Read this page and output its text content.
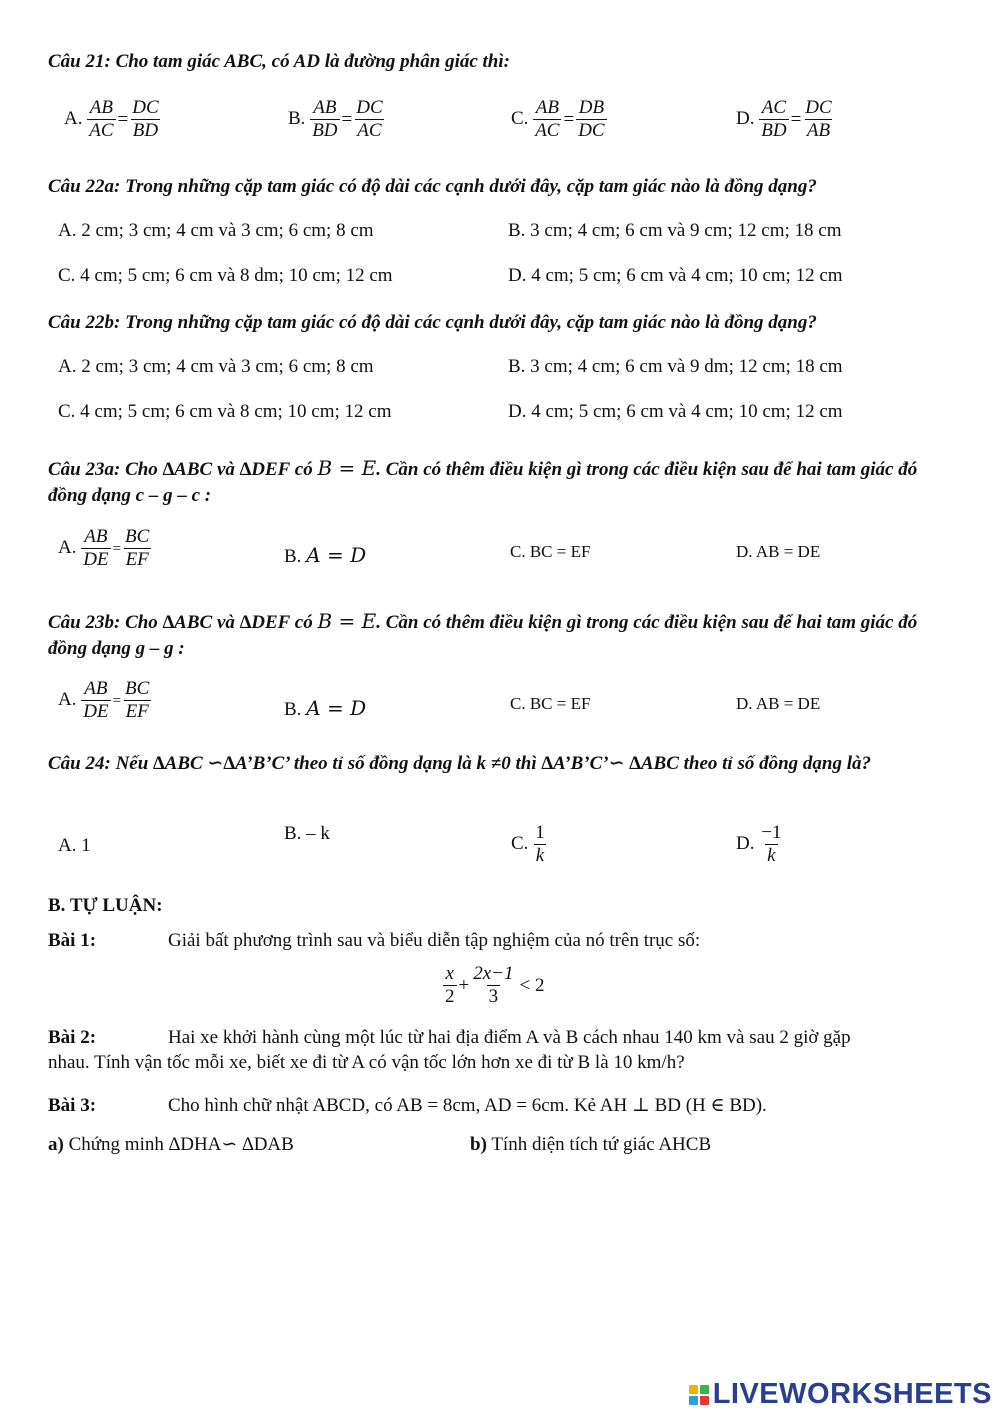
Câu 21: Cho tam giác ABC, có AD là đường phân giác thì:
A. $\frac{AB}{AC} = \frac{DC}{BD}$	B. $\frac{AB}{BD} = \frac{DC}{AC}$	C. $\frac{AB}{AC} = \frac{DB}{DC}$	D. $\frac{AC}{BD} = \frac{DC}{AB}$
Câu 22a: Trong những cặp tam giác có độ dài các cạnh dưới đây, cặp tam giác nào là đồng dạng?
A. 2 cm; 3 cm; 4 cm và 3 cm; 6 cm; 8 cm	B. 3 cm; 4 cm; 6 cm và 9 cm; 12 cm; 18 cm
C. 4 cm; 5 cm; 6 cm và 8 dm; 10 cm; 12 cm	D. 4 cm; 5 cm; 6 cm và 4 cm; 10 cm; 12 cm
Câu 22b: Trong những cặp tam giác có độ dài các cạnh dưới đây, cặp tam giác nào là đồng dạng?
A. 2 cm; 3 cm; 4 cm và 3 cm; 6 cm; 8 cm	B. 3 cm; 4 cm; 6 cm và 9 dm; 12 cm; 18 cm
C. 4 cm; 5 cm; 6 cm và 8 cm; 10 cm; 12 cm	D. 4 cm; 5 cm; 6 cm và 4 cm; 10 cm; 12 cm
Câu 23a: Cho ∆ABC và ∆DEF có B = E. Cần có thêm điều kiện gì trong các điều kiện sau để hai tam giác đó đồng dạng c – g – c :
A. $\frac{AB}{DE} = \frac{BC}{EF}$	B. A = D	C. BC = EF	D. AB = DE
Câu 23b: Cho ∆ABC và ∆DEF có B = E. Cần có thêm điều kiện gì trong các điều kiện sau để hai tam giác đó đồng dạng g – g :
A. $\frac{AB}{DE} = \frac{BC}{EF}$	B. A = D	C. BC = EF	D. AB = DE
Câu 24: Nếu ∆ABC ∽∆A’B’C’ theo tỉ số đồng dạng là k ≠0 thì ∆A’B’C’∽ ∆ABC theo tỉ số đồng dạng là?
A. 1
B. – k	C. $\frac{1}{k}$	D. $\frac{-1}{k}$
B. TỰ LUẬN:
Bài 1:	Giải bất phương trình sau và biểu diễn tập nghiệm của nó trên trục số:
$\frac{x}{2} + \frac{2x-1}{3} < 2$
Bài 2:	Hai xe khởi hành cùng một lúc từ hai địa điểm A và B cách nhau 140 km và sau 2 giờ gặp
nhau. Tính vận tốc mỗi xe, biết xe đi từ A có vận tốc lớn hơn xe đi từ B là 10 km/h?
Bài 3:	Cho hình chữ nhật ABCD, có AB = 8cm, AD = 6cm. Kẻ AH ⊥ BD (H ∈ BD).
a) Chứng minh ∆DHA∽ ∆DAB	b) Tính diện tích tứ giác AHCB
LIVEWORKSHEETS
